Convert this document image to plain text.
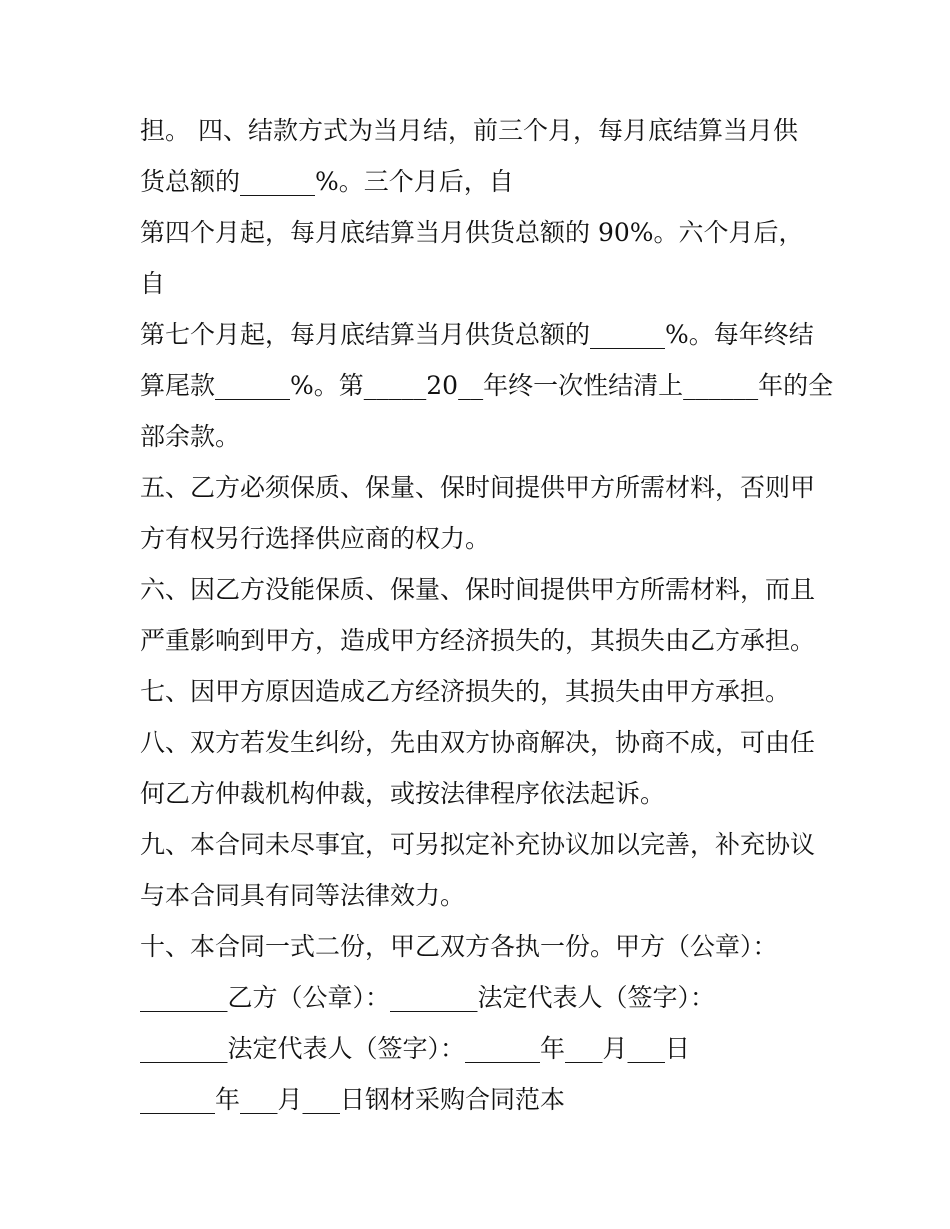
担。 四、结款方式为当月结，前三个月，每月底结算当月供

货总额的______%。三个月后，自

第四个月起，每月底结算当月供货总额的 90%。六个月后，

自

第七个月起，每月底结算当月供货总额的______%。每年终结

算尾款______%。第_____20__年终一次性结清上______年的全

部余款。

五、乙方必须保质、保量、保时间提供甲方所需材料，否则甲

方有权另行选择供应商的权力。

六、因乙方没能保质、保量、保时间提供甲方所需材料，而且

严重影响到甲方，造成甲方经济损失的，其损失由乙方承担。

七、因甲方原因造成乙方经济损失的，其损失由甲方承担。

八、双方若发生纠纷，先由双方协商解决，协商不成，可由任

何乙方仲裁机构仲裁，或按法律程序依法起诉。

九、本合同未尽事宜，可另拟定补充协议加以完善，补充协议

与本合同具有同等法律效力。

十、本合同一式二份，甲乙双方各执一份。甲方（公章）：

_______乙方（公章）：_______法定代表人（签字）：

_______法定代表人（签字）：______年___月___日

______年___月___日钢材采购合同范本
